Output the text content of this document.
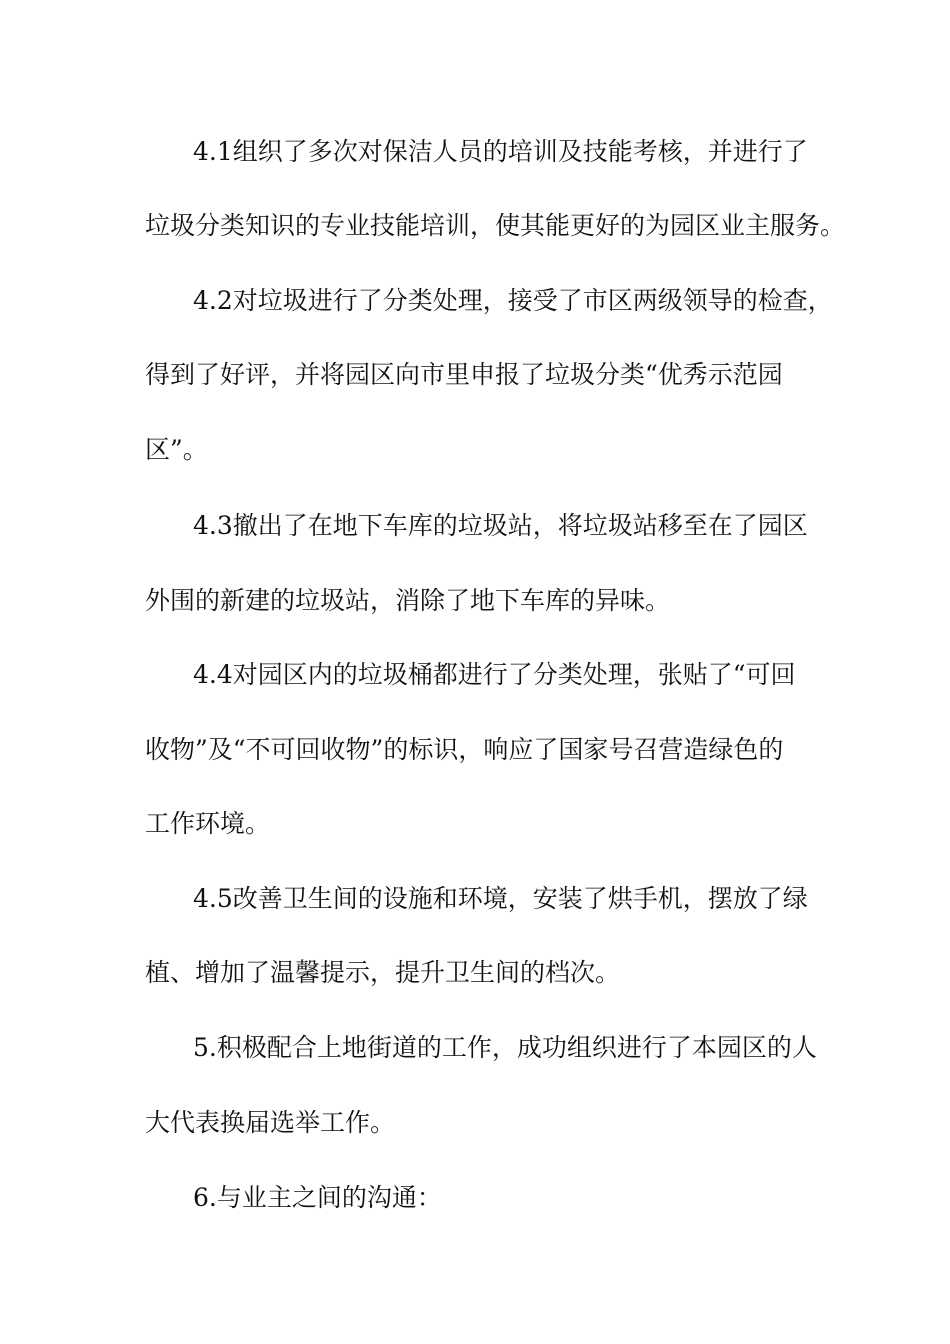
4.1组织了多次对保洁人员的培训及技能考核，并进行了
垃圾分类知识的专业技能培训，使其能更好的为园区业主服务。
4.2对垃圾进行了分类处理，接受了市区两级领导的检查，
得到了好评，并将园区向市里申报了垃圾分类“优秀示范园
区”。
4.3撤出了在地下车库的垃圾站，将垃圾站移至在了园区
外围的新建的垃圾站，消除了地下车库的异味。
4.4对园区内的垃圾桶都进行了分类处理，张贴了“可回
收物”及“不可回收物”的标识，响应了国家号召营造绿色的
工作环境。
4.5改善卫生间的设施和环境，安装了烘手机，摆放了绿
植、增加了温馨提示，提升卫生间的档次。
5.积极配合上地街道的工作，成功组织进行了本园区的人
大代表换届选举工作。
6.与业主之间的沟通：
